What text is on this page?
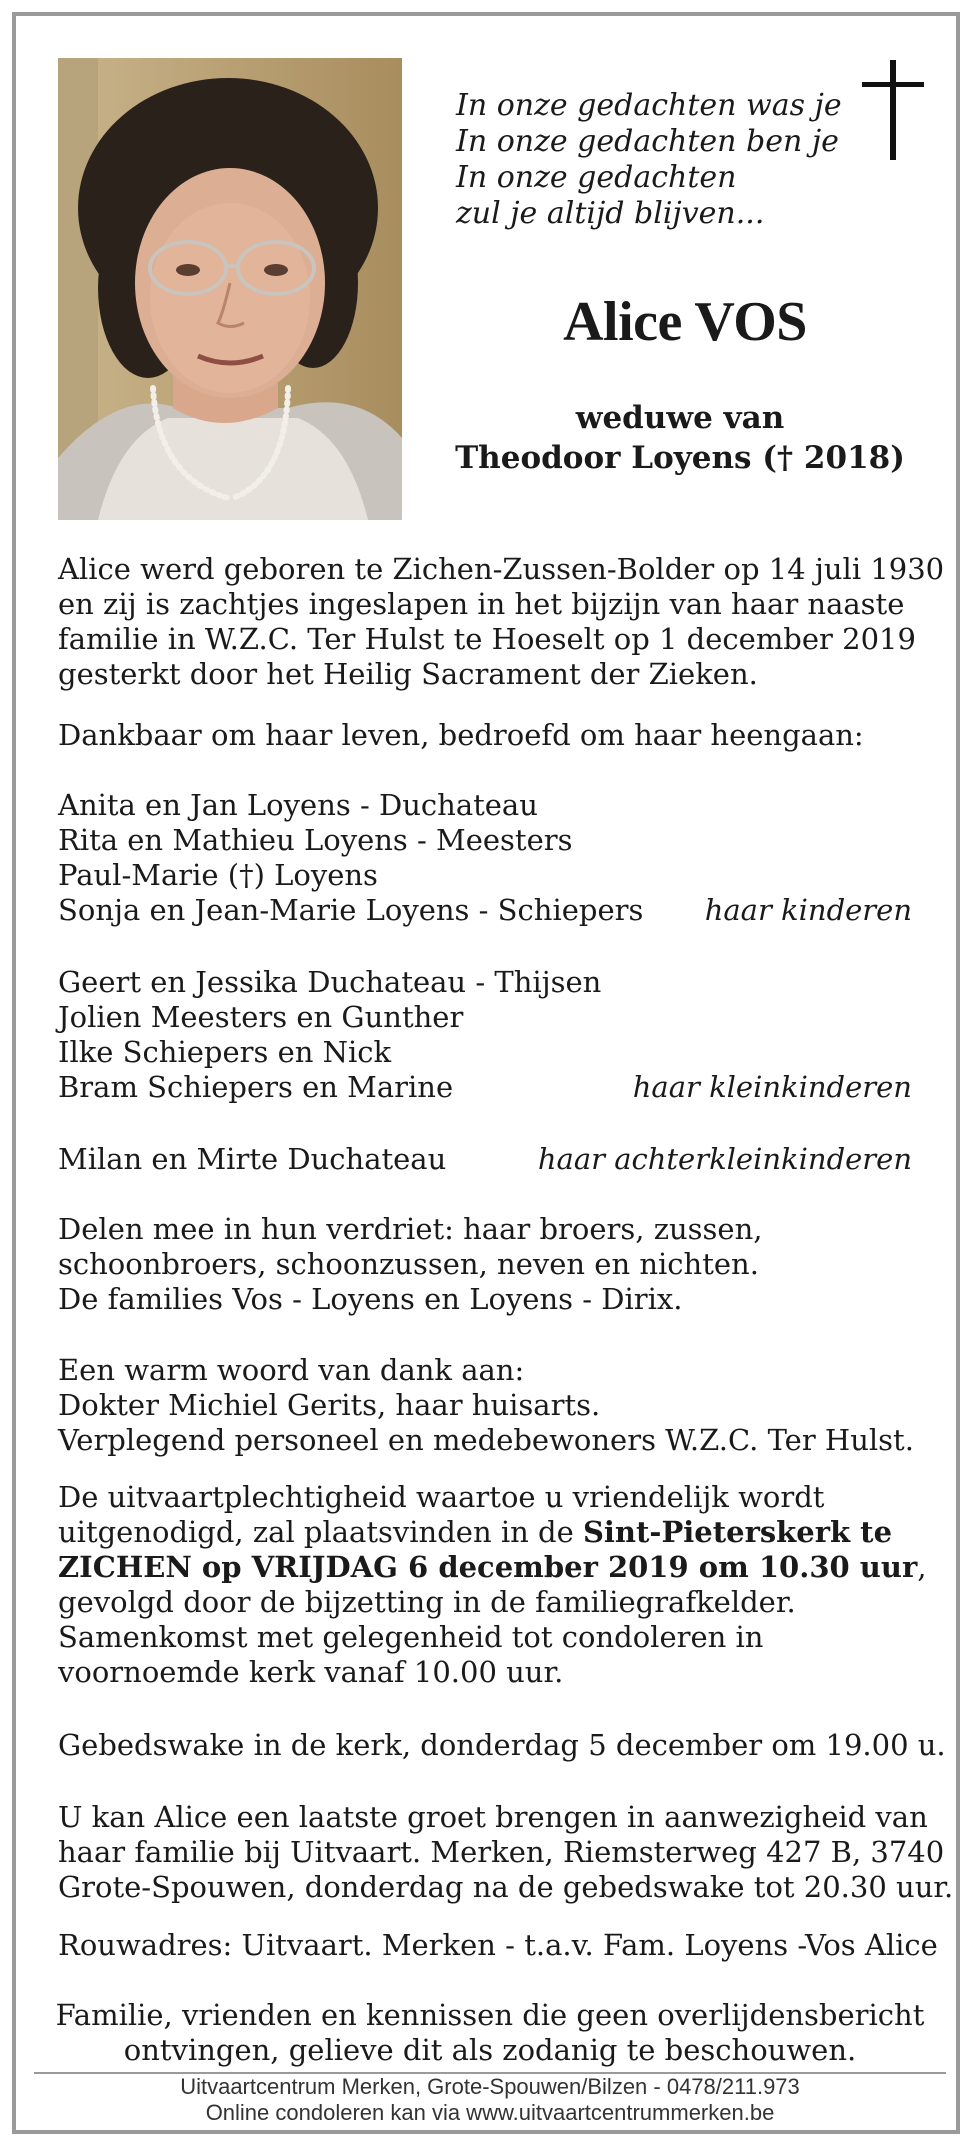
In onze gedachten was je
In onze gedachten ben je
In onze gedachten
zul je altijd blijven...
Alice VOS
weduwe van
Theodoor Loyens († 2018)
Alice werd geboren te Zichen-Zussen-Bolder op 14 juli 1930
en zij is zachtjes ingeslapen in het bijzijn van haar naaste
familie in W.Z.C. Ter Hulst te Hoeselt op 1 december 2019
gesterkt door het Heilig Sacrament der Zieken.
Dankbaar om haar leven, bedroefd om haar heengaan:
Anita en Jan Loyens - Duchateau
Rita en Mathieu Loyens - Meesters
Paul-Marie (†) Loyens
Sonja en Jean-Marie Loyens - Schiepers haar kinderen
Geert en Jessika Duchateau - Thijsen
Jolien Meesters en Gunther
Ilke Schiepers en Nick
Bram Schiepers en Marine	haar kleinkinderen
Milan en Mirte Duchateau	haar achterkleinkinderen
Delen mee in hun verdriet: haar broers, zussen,
schoonbroers, schoonzussen, neven en nichten.
De families Vos - Loyens en Loyens - Dirix.
Een warm woord van dank aan:
Dokter Michiel Gerits, haar huisarts.
Verplegend personeel en medebewoners W.Z.C. Ter Hulst.
De uitvaartplechtigheid waartoe u vriendelijk wordt
uitgenodigd, zal plaatsvinden in de Sint-Pieterskerk te
ZICHEN op VRIJDAG 6 december 2019 om 10.30 uur,
gevolgd door de bijzetting in de familiegrafkelder.
Samenkomst met gelegenheid tot condoleren in
voornoemde kerk vanaf 10.00 uur.
Gebedswake in de kerk, donderdag 5 december om 19.00 u.
U kan Alice een laatste groet brengen in aanwezigheid van
haar familie bij Uitvaart. Merken, Riemsterweg 427 B, 3740
Grote-Spouwen, donderdag na de gebedswake tot 20.30 uur.
Rouwadres: Uitvaart. Merken - t.a.v. Fam. Loyens -Vos Alice
Familie, vrienden en kennissen die geen overlijdensbericht
ontvingen, gelieve dit als zodanig te beschouwen.
Uitvaartcentrum Merken, Grote-Spouwen/Bilzen - 0478/211.973
Online condoleren kan via www.uitvaartcentrummerken.be
